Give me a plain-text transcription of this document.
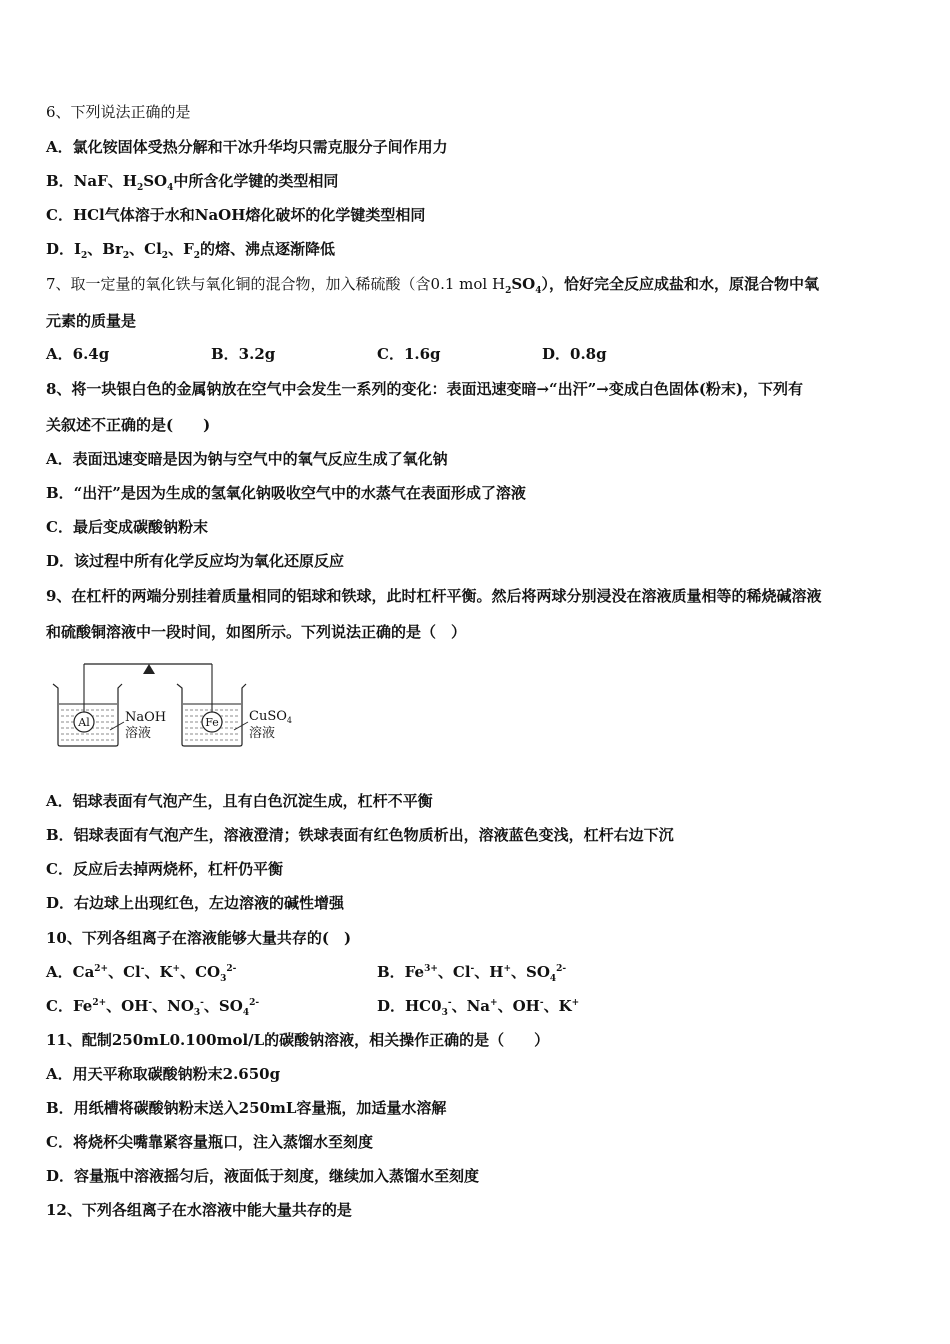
6、下列说法正确的是
A．氯化铵固体受热分解和干冰升华均只需克服分子间作用力
B．NaF、$H_2SO_4$中所含化学键的类型相同
C．HCl气体溶于水和NaOH熔化破坏的化学键类型相同
D．$I_2$、$Br_2$、$Cl_2$、$F_2$的熔、沸点逐渐降低
7、取一定量的氧化铁与氧化铜的混合物，加入稀硫酸（含0.1 mol $H_2SO_4$），恰好完全反应成盐和水，原混合物中氧
元素的质量是
A．6.4g	B．3.2g	C．1.6g	D．0.8g
8、将一块银白色的金属钠放在空气中会发生一系列的变化：表面迅速变暗→“出汗”→变成白色固体(粉末)，下列有
关叙述不正确的是(　　)
A．表面迅速变暗是因为钠与空气中的氧气反应生成了氧化钠
B．“出汗”是因为生成的氢氧化钠吸收空气中的水蒸气在表面形成了溶液
C．最后变成碳酸钠粉末
D．该过程中所有化学反应均为氧化还原反应
9、在杠杆的两端分别挂着质量相同的铝球和铁球，此时杠杆平衡。然后将两球分别浸没在溶液质量相等的稀烧碱溶液
和硫酸铜溶液中一段时间，如图所示。下列说法正确的是（　）
Al	NaOH
溶液
Fe CuSO$_4$
溶液
A．铝球表面有气泡产生，且有白色沉淀生成，杠杆不平衡
B．铝球表面有气泡产生，溶液澄清；铁球表面有红色物质析出，溶液蓝色变浅，杠杆右边下沉
C．反应后去掉两烧杯，杠杆仍平衡
D．右边球上出现红色，左边溶液的碱性增强
10、下列各组离子在溶液能够大量共存的(　)
A．$Ca^{2+}$、Cl-、K+、$CO_3^{2-}$	B．$Fe^{3+}$、Cl-、H+、$SO_4^{2-}$
C．$Fe^{2+}$、OH-、$NO_3^-$、$SO_4^{2-}$	D．$HC0_3^-$、Na+、OH-、K+
11、配制250mL0.100mol/L的碳酸钠溶液，相关操作正确的是（　　）
A．用天平称取碳酸钠粉末2.650g
B．用纸槽将碳酸钠粉末送入250mL容量瓶，加适量水溶解
C．将烧杯尖嘴靠紧容量瓶口，注入蒸馏水至刻度
D．容量瓶中溶液摇匀后，液面低于刻度，继续加入蒸馏水至刻度
12、下列各组离子在水溶液中能大量共存的是
